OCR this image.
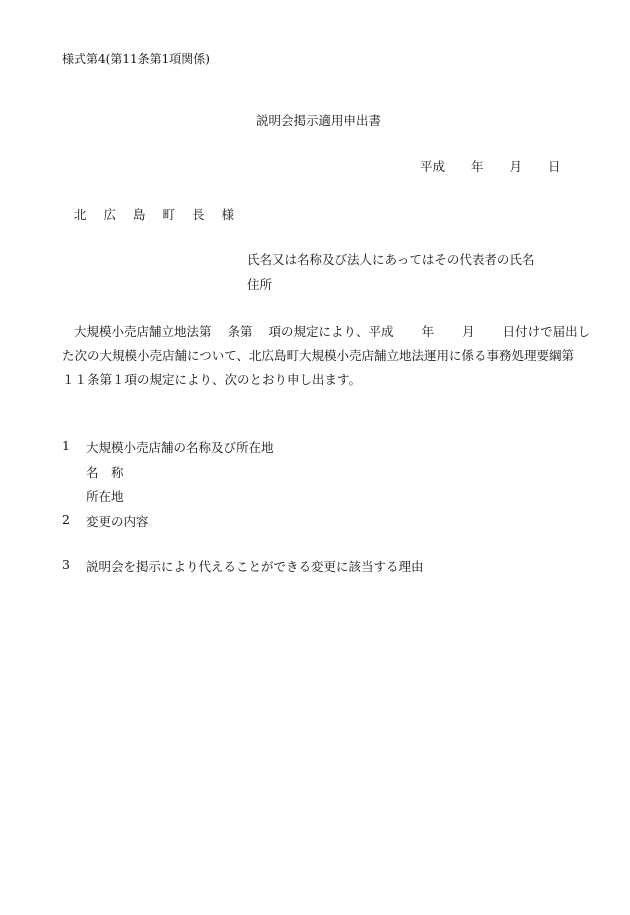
様式第4(第11条第1項関係)
説明会掲示適用申出書
平成 年 月 日
北 広 島 町 長 様
氏名又は名称及び法人にあってはその代表者の氏名
住所
大規模小売店舗立地法第 条第 項の規定により、平成 年 月 日付けで届出し
た次の大規模小売店舗について、北広島町大規模小売店舗立地法運用に係る事務処理要綱第
１１条第１項の規定により、次のとおり申し出ます。
1 大規模小売店舗の名称及び所在地
名　称
所在地
2 変更の内容
3 説明会を掲示により代えることができる変更に該当する理由
